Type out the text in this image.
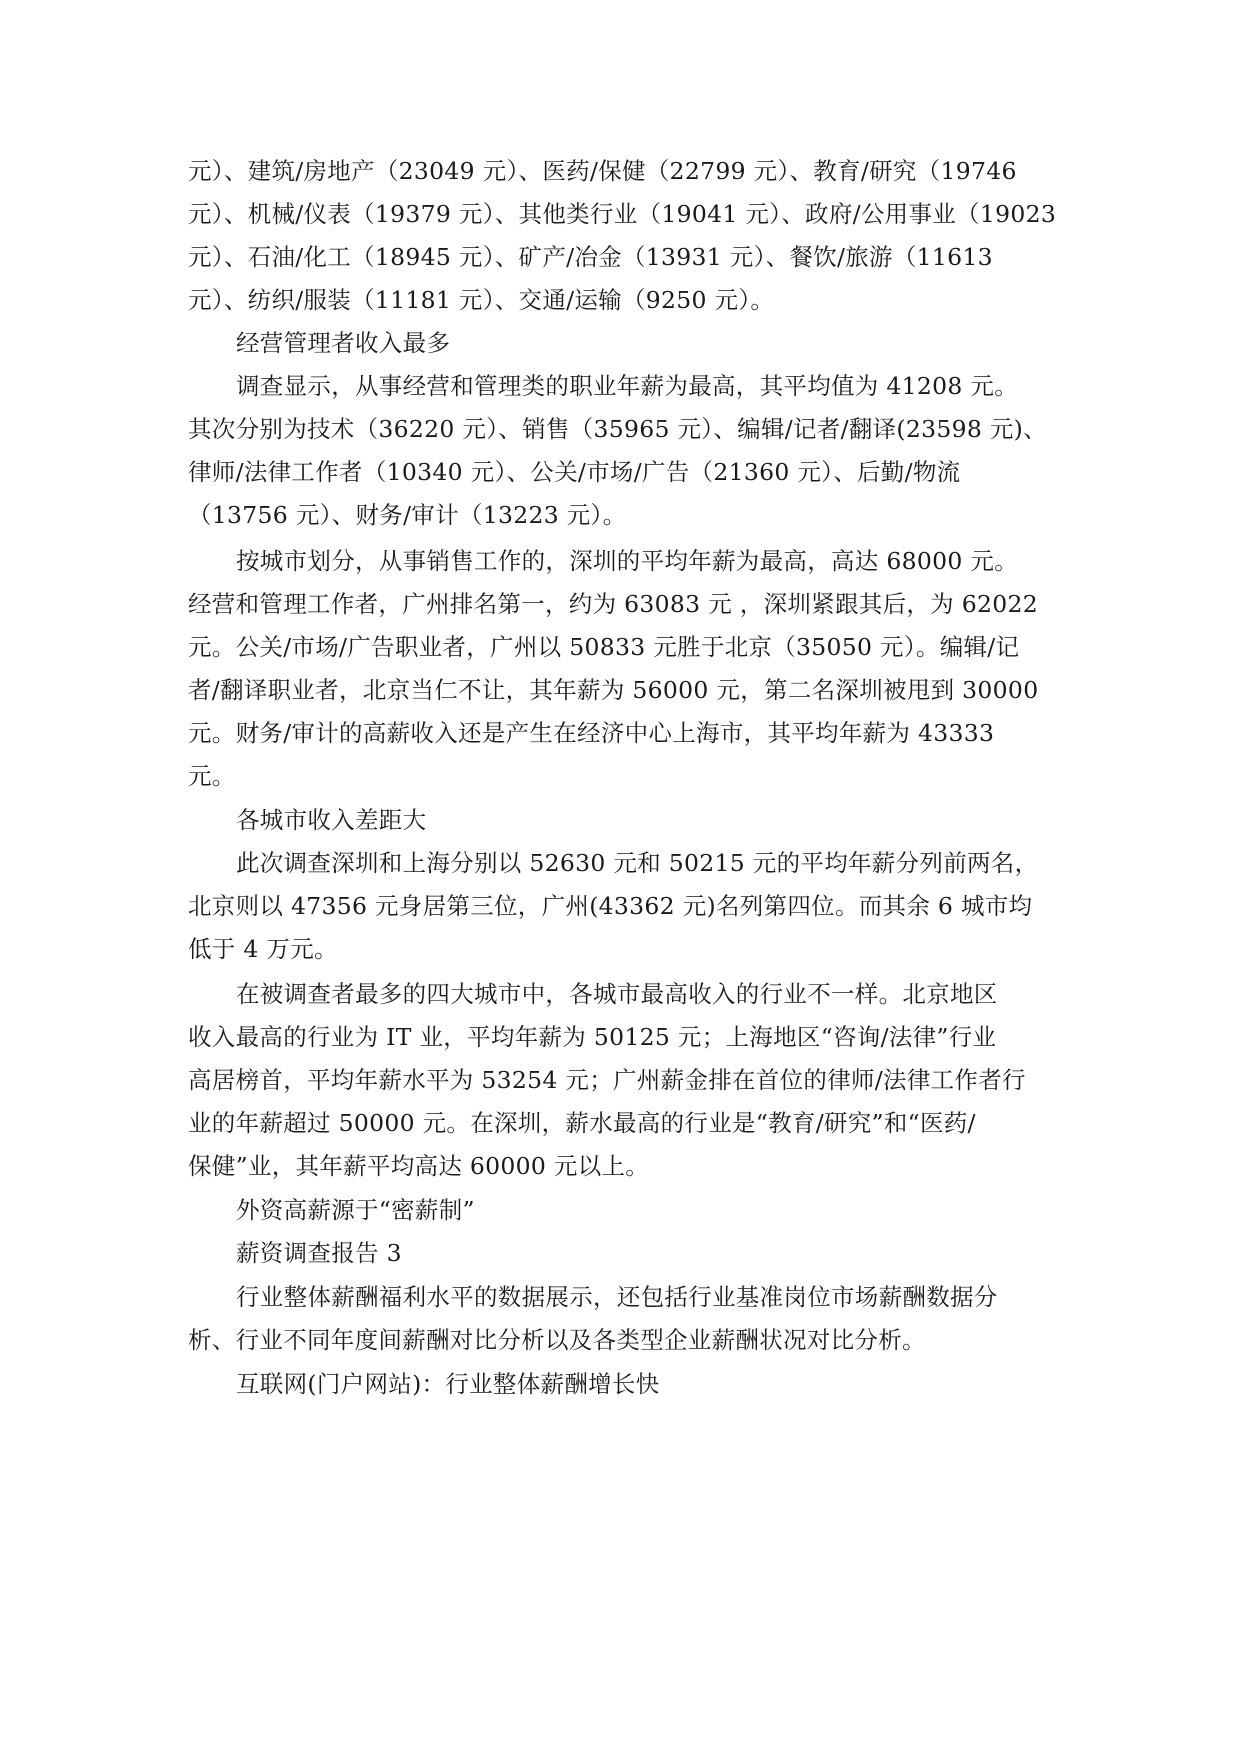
元）、建筑/房地产（23049 元）、医药/保健（22799 元）、教育/研究（19746
元）、机械/仪表（19379 元）、其他类行业（19041 元）、政府/公用事业（19023
元）、石油/化工（18945 元）、矿产/冶金（13931 元）、餐饮/旅游（11613
元）、纺织/服装（11181 元）、交通/运输（9250 元）。
经营管理者收入最多
调查显示，从事经营和管理类的职业年薪为最高，其平均值为 41208 元。
其次分别为技术（36220 元）、销售（35965 元）、编辑/记者/翻译(23598 元)、
律师/法律工作者（10340 元）、公关/市场/广告（21360 元）、后勤/物流
（13756 元）、财务/审计（13223 元）。
按城市划分，从事销售工作的，深圳的平均年薪为最高，高达 68000 元。
经营和管理工作者，广州排名第一，约为 63083 元 ，深圳紧跟其后，为 62022
元。公关/市场/广告职业者，广州以 50833 元胜于北京（35050 元）。编辑/记
者/翻译职业者，北京当仁不让，其年薪为 56000 元，第二名深圳被甩到 30000
元。财务/审计的高薪收入还是产生在经济中心上海市，其平均年薪为 43333
元。
各城市收入差距大
此次调查深圳和上海分别以 52630 元和 50215 元的平均年薪分列前两名，
北京则以 47356 元身居第三位，广州(43362 元)名列第四位。而其余 6 城市均
低于 4 万元。
在被调查者最多的四大城市中，各城市最高收入的行业不一样。北京地区
收入最高的行业为 IT 业，平均年薪为 50125 元；上海地区“咨询/法律”行业
高居榜首，平均年薪水平为 53254 元；广州薪金排在首位的律师/法律工作者行
业的年薪超过 50000 元。在深圳，薪水最高的行业是“教育/研究”和“医药/
保健”业，其年薪平均高达 60000 元以上。
外资高薪源于“密薪制”
薪资调查报告 3
行业整体薪酬福利水平的数据展示，还包括行业基准岗位市场薪酬数据分
析、行业不同年度间薪酬对比分析以及各类型企业薪酬状况对比分析。
互联网(门户网站)：行业整体薪酬增长快
